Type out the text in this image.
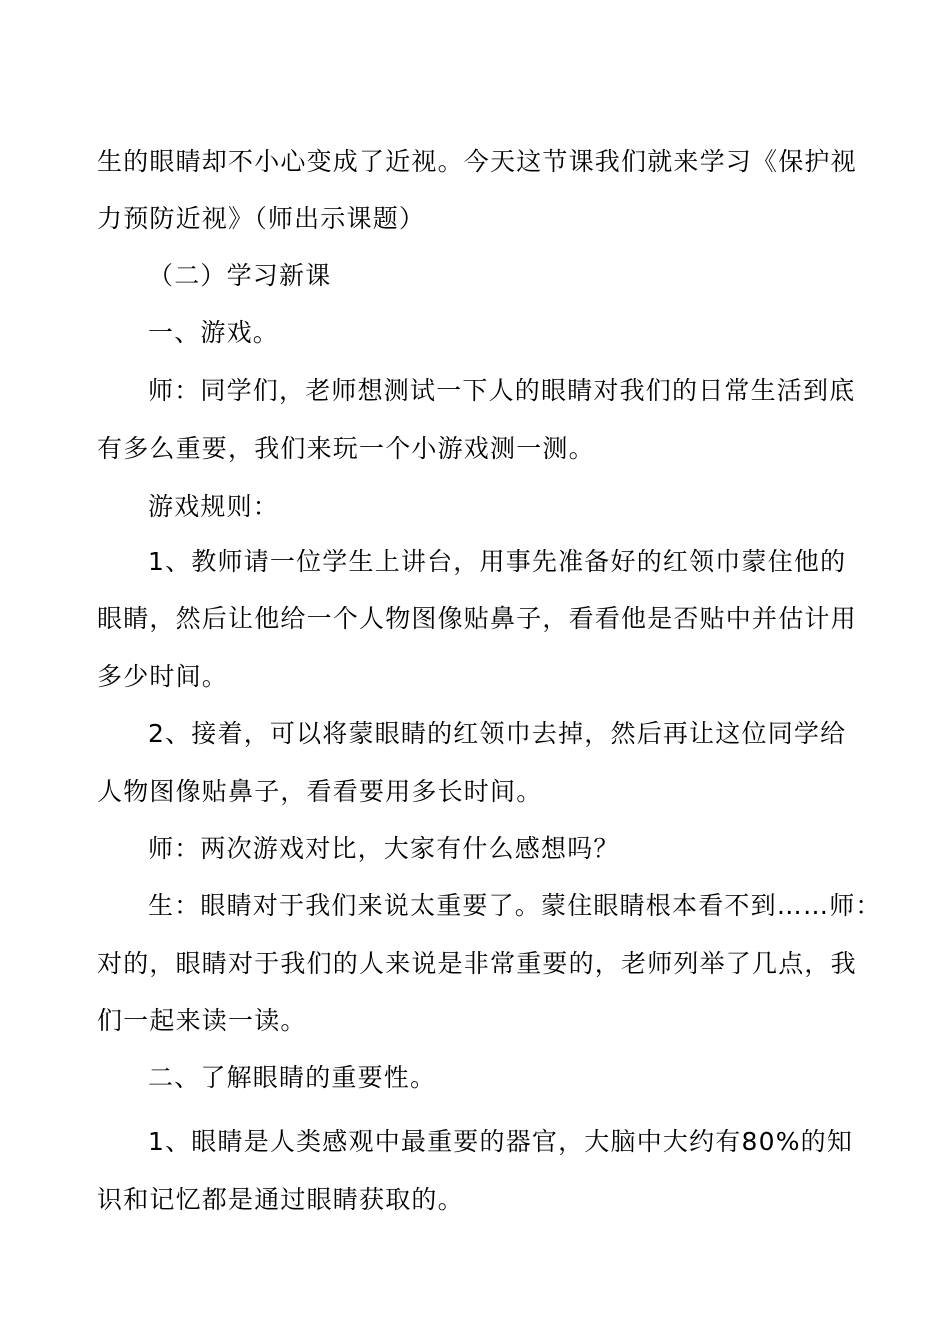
生的眼睛却不小心变成了近视。今天这节课我们就来学习《保护视
力预防近视》（师出示课题）
（二）学习新课
一、游戏。
师：同学们，老师想测试一下人的眼睛对我们的日常生活到底
有多么重要，我们来玩一个小游戏测一测。
游戏规则：
1、教师请一位学生上讲台，用事先准备好的红领巾蒙住他的
眼睛，然后让他给一个人物图像贴鼻子，看看他是否贴中并估计用
多少时间。
2、接着，可以将蒙眼睛的红领巾去掉，然后再让这位同学给
人物图像贴鼻子，看看要用多长时间。
师：两次游戏对比，大家有什么感想吗？
生：眼睛对于我们来说太重要了。蒙住眼睛根本看不到……师：
对的，眼睛对于我们的人来说是非常重要的，老师列举了几点，我
们一起来读一读。
二、了解眼睛的重要性。
1、眼睛是人类感观中最重要的器官，大脑中大约有80%的知
识和记忆都是通过眼睛获取的。
